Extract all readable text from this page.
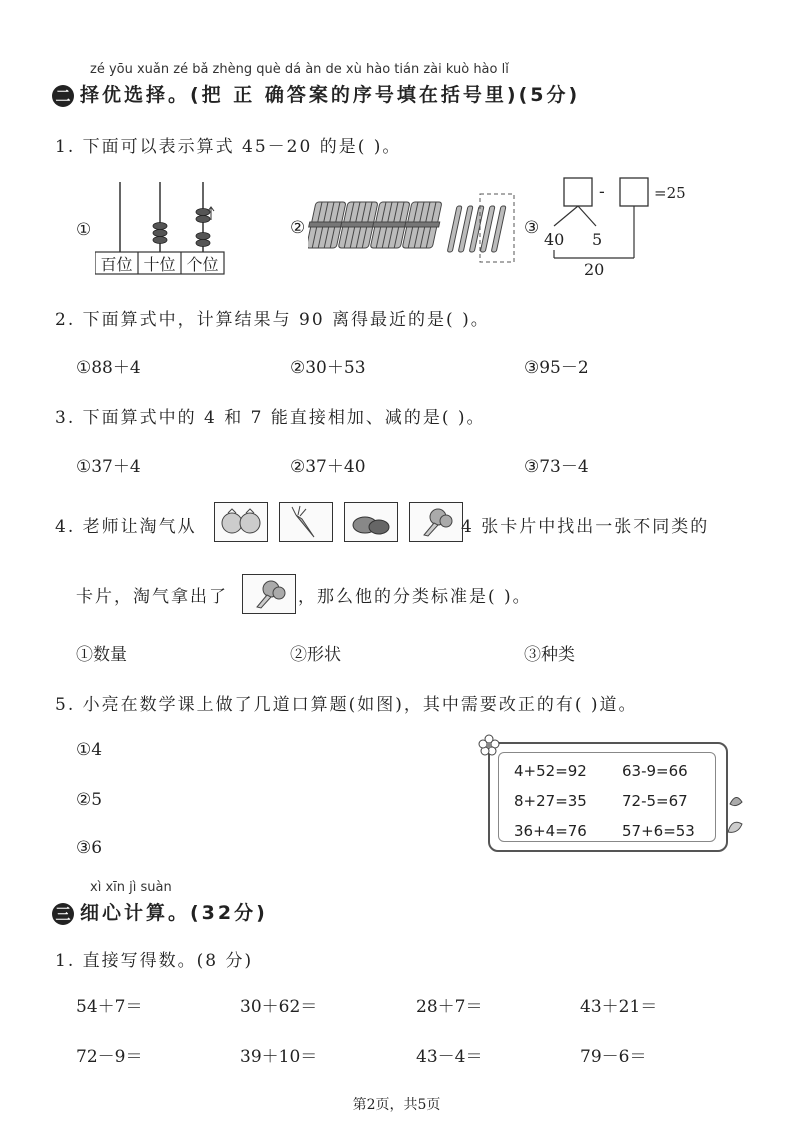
zé yōu xuǎn zé bǎ zhèng què dá àn de xù hào tián zài kuò hào lǐ
二 择优选择。(把 正 确答案的序号填在括号里)(5分)
1. 下面可以表示算式 45－20 的是( )。
①
百位 十位 个位
②	③
-	=25
40 5
20
2. 下面算式中，计算结果与 90 离得最近的是( )。
①88＋4	②30＋53	③95－2
3. 下面算式中的 4 和 7 能直接相加、减的是( )。
①37＋4	②37＋40	③73－4
4. 老师让淘气从
	4 张卡片中找出一张不同类的
卡片，淘气拿出了	，那么他的分类标准是( )。
①数量	②形状	③种类
5. 小亮在数学课上做了几道口算题(如图)，其中需要改正的有( )道。
①4
②5
③6
4+52=92 63-9=66
8+27=35 72-5=67
36+4=76 57+6=53
xì xīn jì suàn
三 细心计算。(32分)
1. 直接写得数。(8 分)
54＋7＝	30＋62＝	28＋7＝	43＋21＝
72－9＝	39＋10＝	43－4＝	79－6＝
第2页，共5页
